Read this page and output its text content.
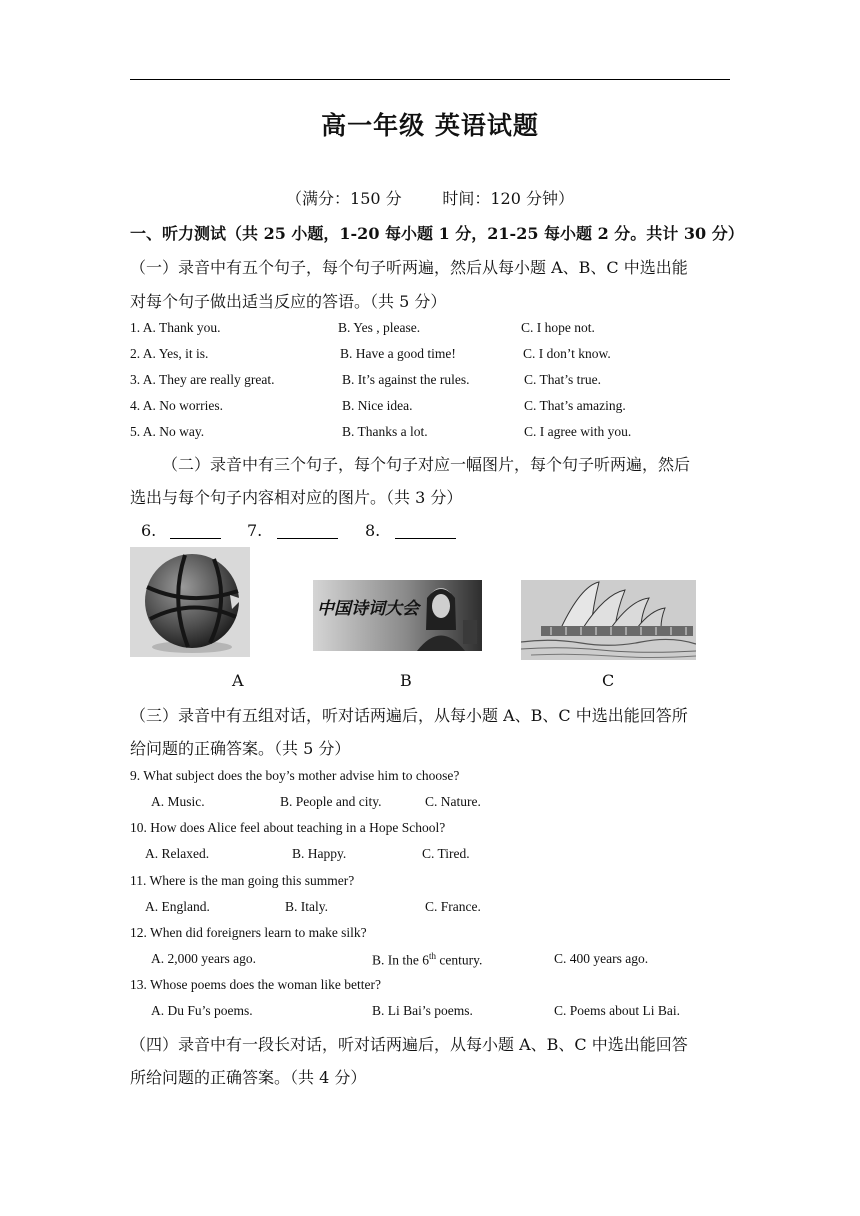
高一年级 英语试题
（满分：150 分        时间：120 分钟）
一、听力测试（共 25 小题，1-20 每小题 1 分，21-25 每小题 2 分。共计 30 分）
（一）录音中有五个句子，每个句子听两遍，然后从每小题 A、B、C 中选出能
对每个句子做出适当反应的答语。（共 5 分）
1. A. Thank you.	B. Yes , please.	C. I hope not.
2. A. Yes, it is.	B. Have a good time!	C. I don’t know.
3. A. They are really great.	B. It’s against the rules.	C. That’s true.
4. A. No worries.	B. Nice idea.	C. That’s amazing.
5. A. No way.	B. Thanks a lot.	C. I agree with you.
（二）录音中有三个句子，每个句子对应一幅图片，每个句子听两遍，然后
选出与每个句子内容相对应的图片。（共 3 分）
6.	7.	8.
中国诗词大会
A	B	C
（三）录音中有五组对话，听对话两遍后，从每小题 A、B、C 中选出能回答所
给问题的正确答案。（共 5 分）
9. What subject does the boy’s mother advise him to choose?
A. Music.	B. People and city.	C. Nature.
10. How does Alice feel about teaching in a Hope School?
A. Relaxed.	B. Happy.	C. Tired.
11. Where is the man going this summer?
A. England.	B. Italy.	C. France.
12. When did foreigners learn to make silk?
A. 2,000 years ago.	B. In the 6th century.	C. 400 years ago.
13. Whose poems does the woman like better?
A. Du Fu’s poems.	B. Li Bai’s poems.	C. Poems about Li Bai.
（四）录音中有一段长对话，听对话两遍后，从每小题 A、B、C 中选出能回答
所给问题的正确答案。（共 4 分）
